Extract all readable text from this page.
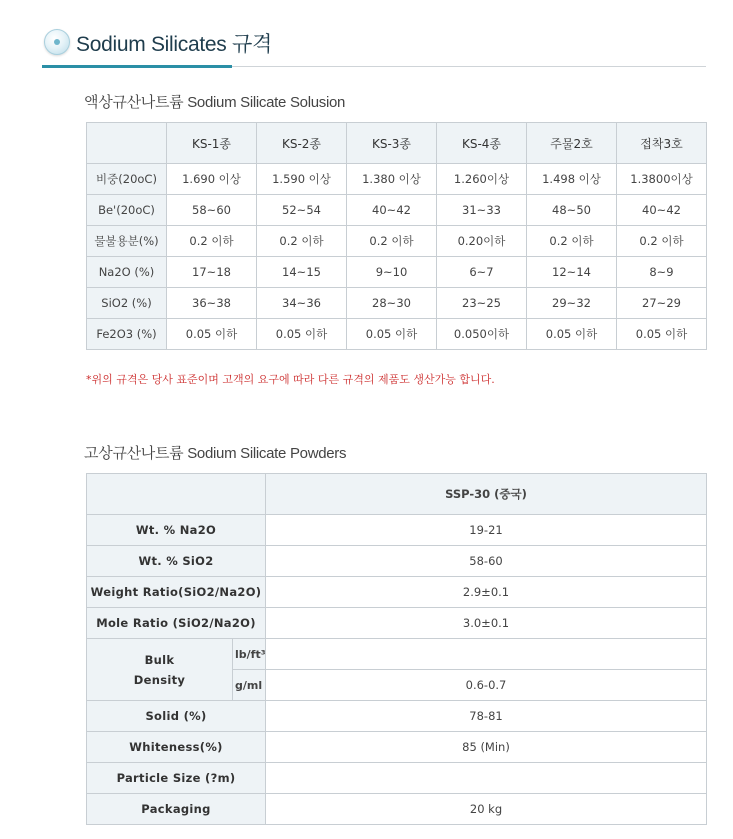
Sodium Silicates 규격
액상규산나트륨 Sodium Silicate Solusion
	KS-1종	KS-2종	KS-3종	KS-4종	주물2호	접착3호
비중(20oC)	1.690 이상	1.590 이상	1.380 이상	1.260이상	1.498 이상	1.3800이상
Be'(20oC)	58~60	52~54	40~42	31~33	48~50	40~42
물불용분(%)	0.2 이하	0.2 이하	0.2 이하	0.20이하	0.2 이하	0.2 이하
Na2O (%)	17~18	14~15	9~10	6~7	12~14	8~9
SiO2 (%)	36~38	34~36	28~30	23~25	29~32	27~29
Fe2O3 (%)	0.05 이하	0.05 이하	0.05 이하	0.050이하	0.05 이하	0.05 이하
*위의 규격은 당사 표준이며 고객의 요구에 따라 다른 규격의 제품도 생산가능 합니다.
고상규산나트륨 Sodium Silicate Powders
		SSP-30 (중국)
Wt. % Na2O		19-21
Wt. % SiO2		58-60
Weight Ratio(SiO2/Na2O)		2.9±0.1
Mole Ratio (SiO2/Na2O)		3.0±0.1
Bulk
Density	lb/ft³	
	g/ml	0.6-0.7
Solid (%)		78-81
Whiteness(%)		85 (Min)
Particle Size (?m)		
Packaging		20 kg
